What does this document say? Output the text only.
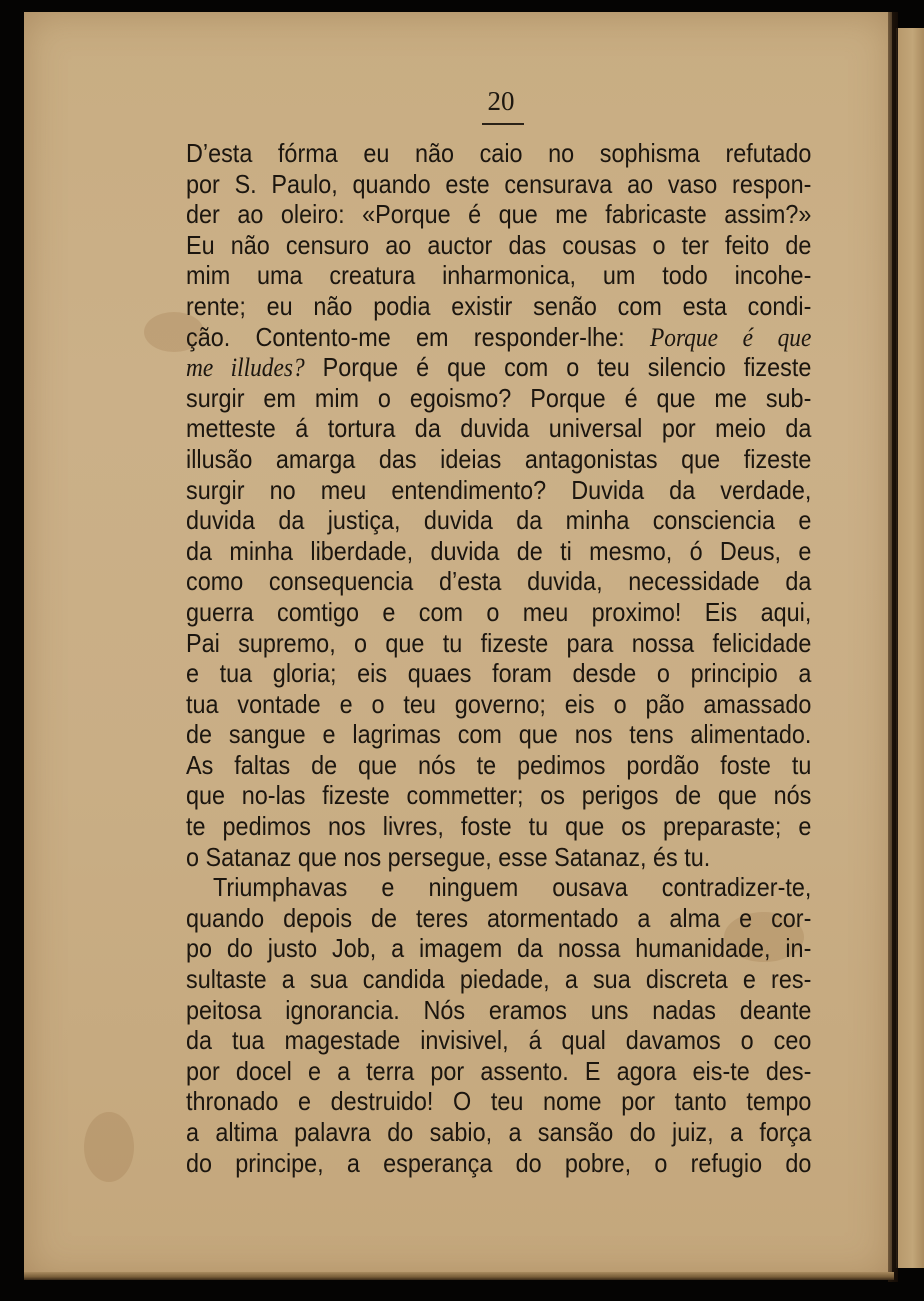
20
D’esta fórma eu não caio no sophisma refutado
por S. Paulo, quando este censurava ao vaso respon-
der ao oleiro: «Porque é que me fabricaste assim?»
Eu não censuro ao auctor das cousas o ter feito de
mim uma creatura inharmonica, um todo incohe-
rente; eu não podia existir senão com esta condi-
ção. Contento-me em responder-lhe: Porque é que
me illudes? Porque é que com o teu silencio fizeste
surgir em mim o egoismo? Porque é que me sub-
metteste á tortura da duvida universal por meio da
illusão amarga das ideias antagonistas que fizeste
surgir no meu entendimento? Duvida da verdade,
duvida da justiça, duvida da minha consciencia e
da minha liberdade, duvida de ti mesmo, ó Deus, e
como consequencia d’esta duvida, necessidade da
guerra comtigo e com o meu proximo! Eis aqui,
Pai supremo, o que tu fizeste para nossa felicidade
e tua gloria; eis quaes foram desde o principio a
tua vontade e o teu governo; eis o pão amassado
de sangue e lagrimas com que nos tens alimentado.
As faltas de que nós te pedimos pordão foste tu
que no-las fizeste commetter; os perigos de que nós
te pedimos nos livres, foste tu que os preparaste; e
o Satanaz que nos persegue, esse Satanaz, és tu.
Triumphavas e ninguem ousava contradizer-te,
quando depois de teres atormentado a alma e cor-
po do justo Job, a imagem da nossa humanidade, in-
sultaste a sua candida piedade, a sua discreta e res-
peitosa ignorancia. Nós eramos uns nadas deante
da tua magestade invisivel, á qual davamos o ceo
por docel e a terra por assento. E agora eis-te des-
thronado e destruido! O teu nome por tanto tempo
a altima palavra do sabio, a sansão do juiz, a força
do principe, a esperança do pobre, o refugio do
